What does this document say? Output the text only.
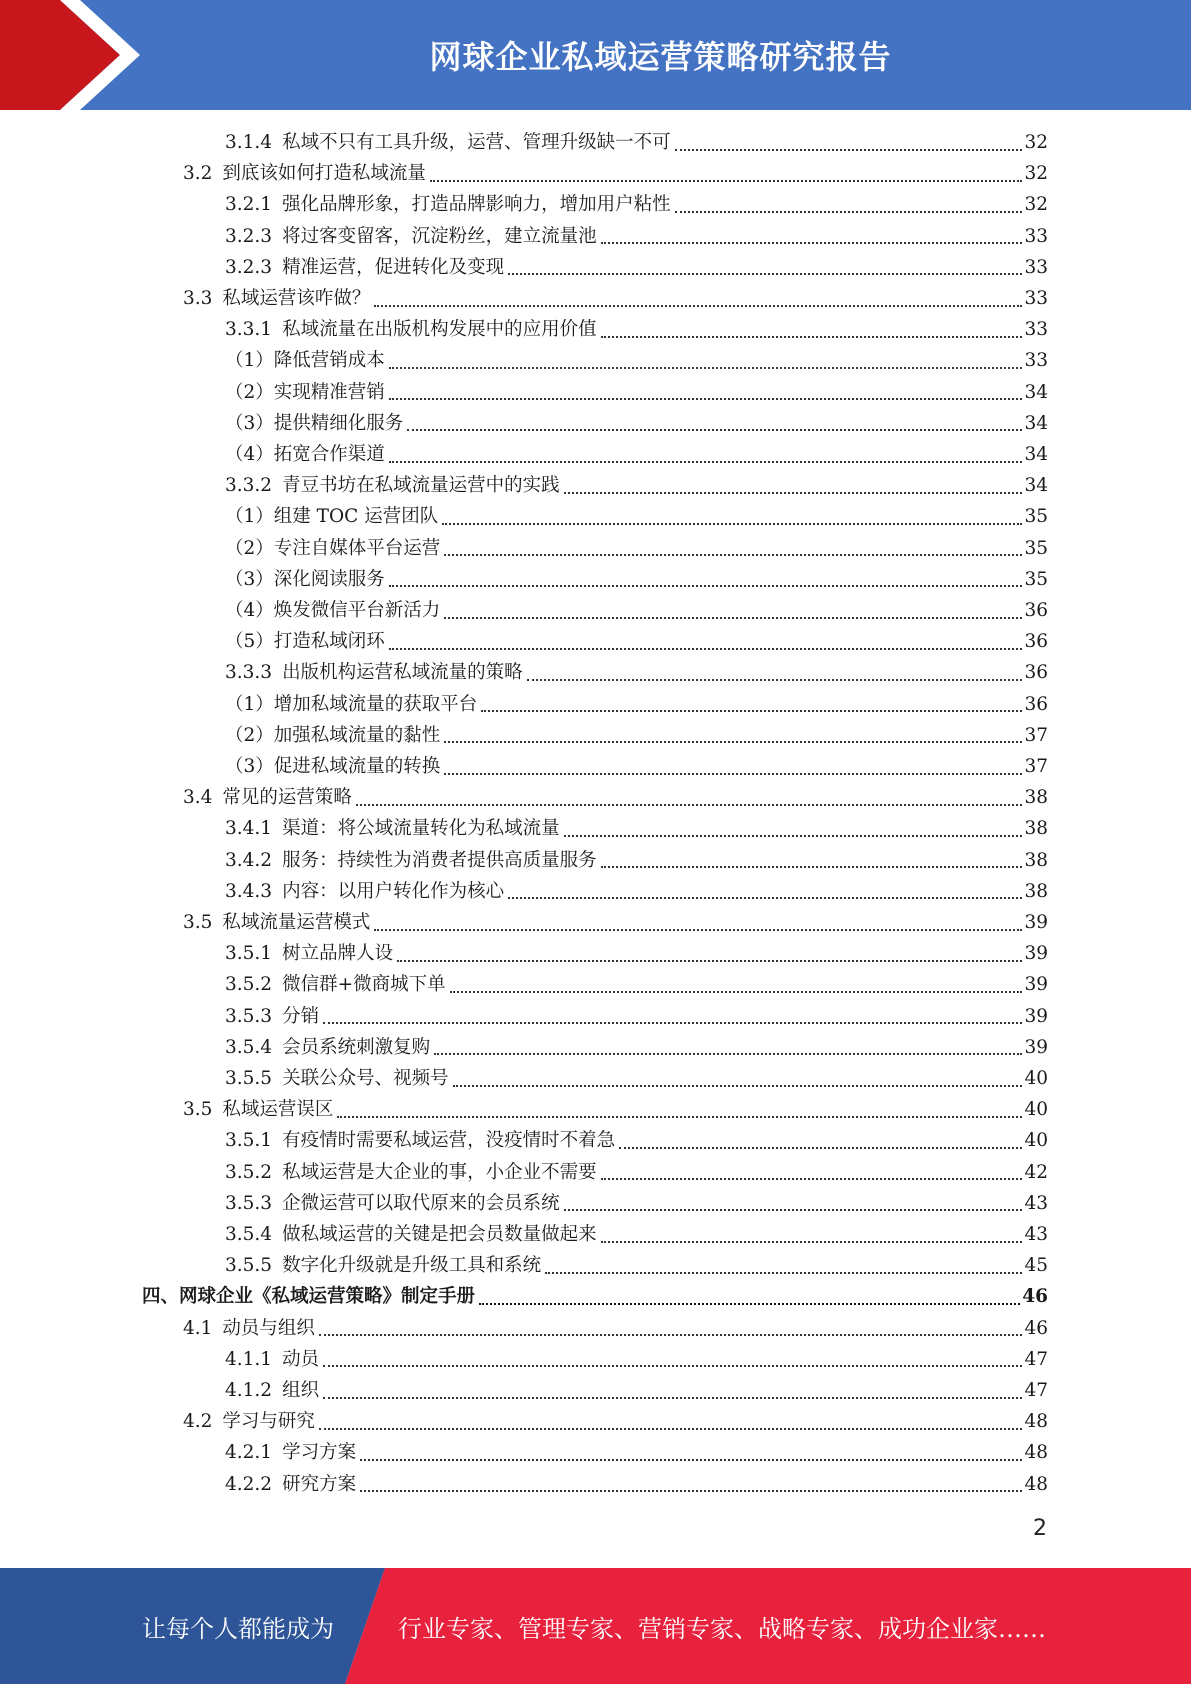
网球企业私域运营策略研究报告
3.1.4 私域不只有工具升级，运营、管理升级缺一不可	32
3.2 到底该如何打造私域流量	32
3.2.1 强化品牌形象，打造品牌影响力，增加用户粘性	32
3.2.3 将过客变留客，沉淀粉丝，建立流量池	33
3.2.3 精准运营，促进转化及变现	33
3.3 私域运营该咋做？	33
3.3.1 私域流量在出版机构发展中的应用价值	33
（1）降低营销成本	33
（2）实现精准营销	34
（3）提供精细化服务	34
（4）拓宽合作渠道	34
3.3.2 青豆书坊在私域流量运营中的实践	34
（1）组建 TOC 运营团队	35
（2）专注自媒体平台运营	35
（3）深化阅读服务	35
（4）焕发微信平台新活力	36
（5）打造私域闭环	36
3.3.3 出版机构运营私域流量的策略	36
（1）增加私域流量的获取平台	36
（2）加强私域流量的黏性	37
（3）促进私域流量的转换	37
3.4 常见的运营策略	38
3.4.1 渠道：将公域流量转化为私域流量	38
3.4.2 服务：持续性为消费者提供高质量服务	38
3.4.3 内容：以用户转化作为核心	38
3.5 私域流量运营模式	39
3.5.1 树立品牌人设	39
3.5.2 微信群+微商城下单	39
3.5.3 分销	39
3.5.4 会员系统刺激复购	39
3.5.5 关联公众号、视频号	40
3.5 私域运营误区	40
3.5.1 有疫情时需要私域运营，没疫情时不着急	40
3.5.2 私域运营是大企业的事，小企业不需要	42
3.5.3 企微运营可以取代原来的会员系统	43
3.5.4 做私域运营的关键是把会员数量做起来	43
3.5.5 数字化升级就是升级工具和系统	45
四、网球企业《私域运营策略》制定手册	46
4.1 动员与组织	46
4.1.1 动员	47
4.1.2 组织	47
4.2 学习与研究	48
4.2.1 学习方案	48
4.2.2 研究方案	48
2
让每个人都能成为	行业专家、管理专家、营销专家、战略专家、成功企业家……
